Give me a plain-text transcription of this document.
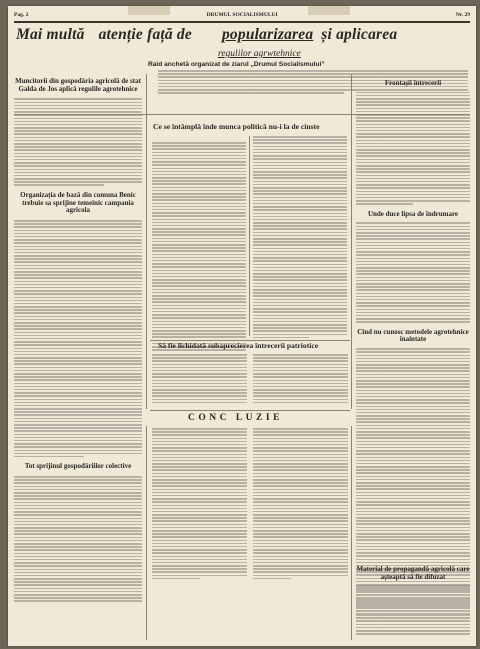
Pag. 2	DRUMUL SOCIALISMULUI	Nr. 29
Mai multă atenție față de popularizarea și aplicarea
regulilor agrwtehnice
Raid anchetă organizat de ziarul „Drumul Socialismului”
Muncitorii din gospodăria agricolă de stat Galda de Jos aplică regulile agrotehnice
Organizația de bază din comuna Benic trebuie sa sprijine temeinic campania agricola
Tot sprijinul gospodăriilor colective
Ce se întâmplă înde munca politică nu-i la de cinste
Frontașii întrecerii
Unde duce lipsa de îndrumare
Cînd nu cunosc metodele agrotehnice înaintate
Să fie lichidată subaprecierea întrecerii patriotice
CONC LUZIE
Material de propagandă agricolă care așteaptă să fie difuzat
